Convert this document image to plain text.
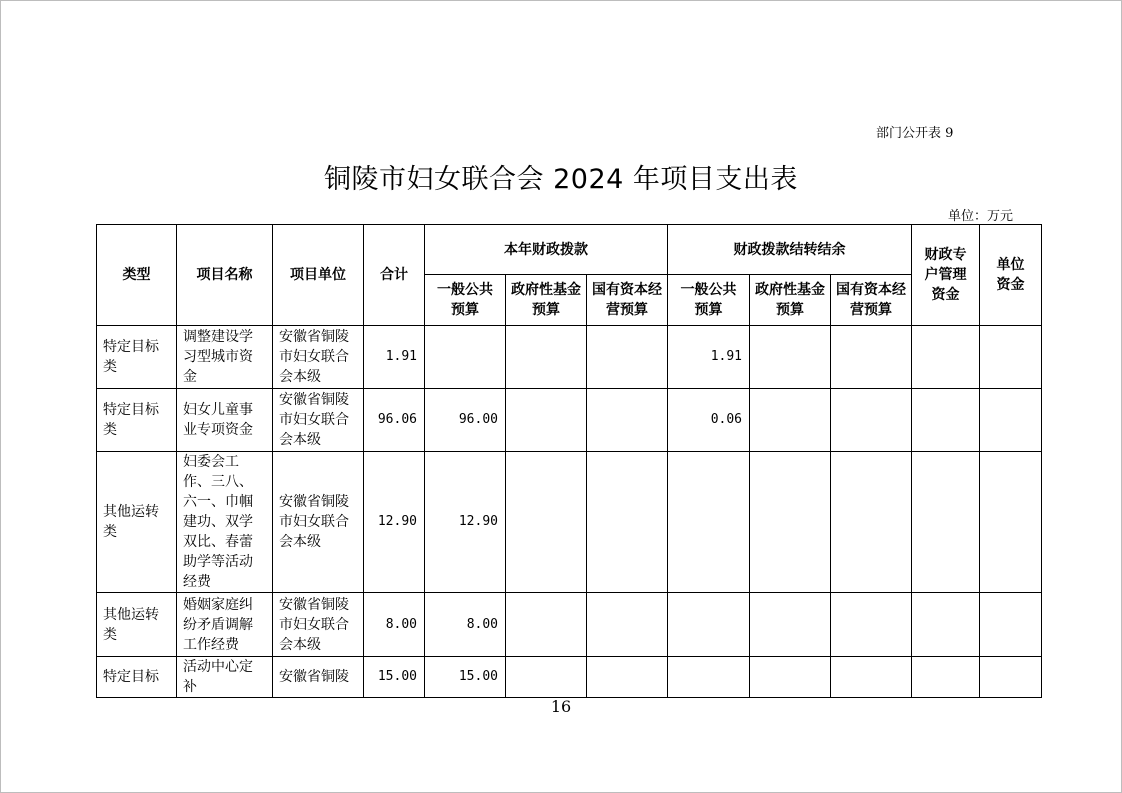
部门公开表 9
铜陵市妇女联合会 2024 年项目支出表
单位：万元
类型	项目名称	项目单位	合计	本年财政拨款			财政拨款结转结余			财政专户管理资金	单位资金
				一般公共预算	政府性基金预算	国有资本经营预算	一般公共预算	政府性基金预算	国有资本经营预算		
特定目标类	调整建设学习型城市资金	安徽省铜陵市妇女联合会本级	1.91				1.91				
特定目标类	妇女儿童事业专项资金	安徽省铜陵市妇女联合会本级	96.06	96.00			0.06				
其他运转类	妇委会工作、三八、六一、巾帼建功、双学双比、春蕾助学等活动经费	安徽省铜陵市妇女联合会本级	12.90	12.90							
其他运转类	婚姻家庭纠纷矛盾调解工作经费	安徽省铜陵市妇女联合会本级	8.00	8.00							
特定目标	活动中心定补	安徽省铜陵	15.00	15.00							
16
